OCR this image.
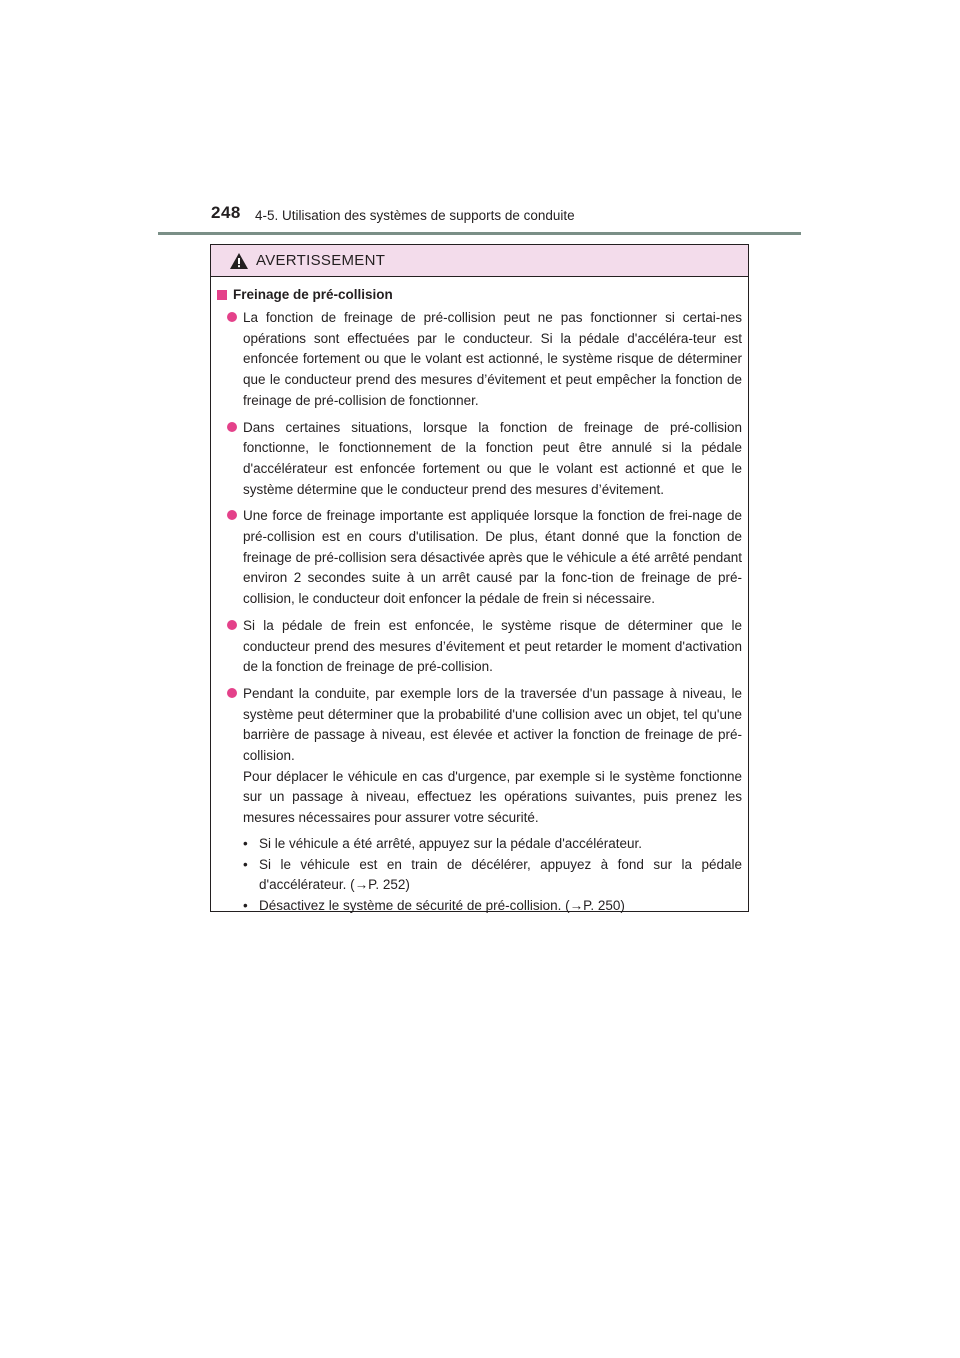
248 4-5. Utilisation des systèmes de supports de conduite
AVERTISSEMENT
Freinage de pré-collision

La fonction de freinage de pré-collision peut ne pas fonctionner si certai-nes opérations sont effectuées par le conducteur. Si la pédale d'accéléra-teur est enfoncée fortement ou que le volant est actionné, le système risque de déterminer que le conducteur prend des mesures d’évitement et peut empêcher la fonction de freinage de pré-collision de fonctionner.

Dans certaines situations, lorsque la fonction de freinage de pré-collision fonctionne, le fonctionnement de la fonction peut être annulé si la pédale d'accélérateur est enfoncée fortement ou que le volant est actionné et que le système détermine que le conducteur prend des mesures d’évitement.

Une force de freinage importante est appliquée lorsque la fonction de frei-nage de pré-collision est en cours d'utilisation. De plus, étant donné que la fonction de freinage de pré-collision sera désactivée après que le véhicule a été arrêté pendant environ 2 secondes suite à un arrêt causé par la fonc-tion de freinage de pré-collision, le conducteur doit enfoncer la pédale de frein si nécessaire.

Si la pédale de frein est enfoncée, le système risque de déterminer que le conducteur prend des mesures d’évitement et peut retarder le moment d'activation de la fonction de freinage de pré-collision.

Pendant la conduite, par exemple lors de la traversée d'un passage à niveau, le système peut déterminer que la probabilité d'une collision avec un objet, tel qu'une barrière de passage à niveau, est élevée et activer la fonction de freinage de pré-collision.

Pour déplacer le véhicule en cas d'urgence, par exemple si le système fonctionne sur un passage à niveau, effectuez les opérations suivantes, puis prenez les mesures nécessaires pour assurer votre sécurité.

• Si le véhicule a été arrêté, appuyez sur la pédale d'accélérateur.
• Si le véhicule est en train de décélérer, appuyez à fond sur la pédale d'accélérateur. (→P. 252)
• Désactivez le système de sécurité de pré-collision. (→P. 250)
